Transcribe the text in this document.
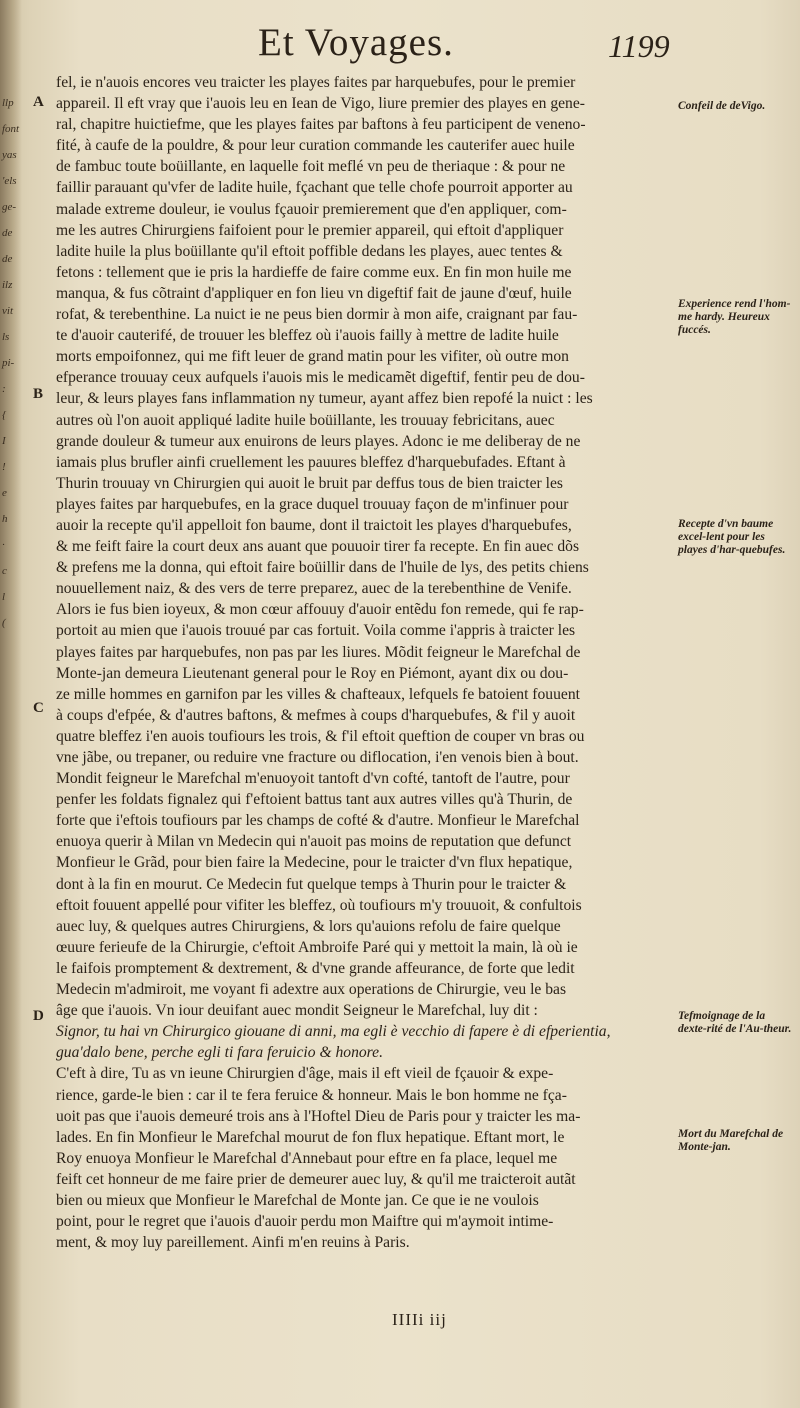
llp
font
yas
'els
ge-
de
de
ilz
vit
ls
pi-
:
{
I
!
e
h
·
c
l
(
Et Voyages.	1199
A
B
C
D
fel, ie n'auois encores veu traicter les playes faites par harquebufes, pour le premier
appareil. Il eft vray que i'auois leu en Iean de Vigo, liure premier des playes en gene-
ral, chapitre huictiefme, que les playes faites par baftons à feu participent de veneno-
fité, à caufe de la pouldre, & pour leur curation commande les cauterifer auec huile
de fambuc toute boüillante, en laquelle foit meflé vn peu de theriaque : & pour ne
faillir parauant qu'vfer de ladite huile, fçachant que telle chofe pourroit apporter au
malade extreme douleur, ie voulus fçauoir premierement que d'en appliquer, com-
me les autres Chirurgiens faifoient pour le premier appareil, qui eftoit d'appliquer
ladite huile la plus boüillante qu'il eftoit poffible dedans les playes, auec tentes &
fetons : tellement que ie pris la hardieffe de faire comme eux. En fin mon huile me
manqua, & fus cõtraint d'appliquer en fon lieu vn digeftif fait de jaune d'œuf, huile
rofat, & terebenthine. La nuict ie ne peus bien dormir à mon aife, craignant par fau-
te d'auoir cauterifé, de trouuer les bleffez où i'auois failly à mettre de ladite huile
morts empoifonnez, qui me fift leuer de grand matin pour les vifiter, où outre mon
efperance trouuay ceux aufquels i'auois mis le medicamẽt digeftif, fentir peu de dou-
leur, & leurs playes fans inflammation ny tumeur, ayant affez bien repofé la nuict : les
autres où l'on auoit appliqué ladite huile boüillante, les trouuay febricitans, auec
grande douleur & tumeur aux enuirons de leurs playes. Adonc ie me deliberay de ne
iamais plus brufler ainfi cruellement les pauures bleffez d'harquebufades. Eftant à
Thurin trouuay vn Chirurgien qui auoit le bruit par deffus tous de bien traicter les
playes faites par harquebufes, en la grace duquel trouuay façon de m'infinuer pour
auoir la recepte qu'il appelloit fon baume, dont il traictoit les playes d'harquebufes,
& me feift faire la court deux ans auant que pouuoir tirer fa recepte. En fin auec dõs
& prefens me la donna, qui eftoit faire boüillir dans de l'huile de lys, des petits chiens
nouuellement naiz, & des vers de terre preparez, auec de la terebenthine de Venife.
Alors ie fus bien ioyeux, & mon cœur affouuy d'auoir entẽdu fon remede, qui fe rap-
portoit au mien que i'auois trouué par cas fortuit. Voila comme i'appris à traicter les
playes faites par harquebufes, non pas par les liures. Mõdit feigneur le Marefchal de
Monte-jan demeura Lieutenant general pour le Roy en Piémont, ayant dix ou dou-
ze mille hommes en garnifon par les villes & chafteaux, lefquels fe batoient fouuent
à coups d'efpée, & d'autres baftons, & mefmes à coups d'harquebufes, & f'il y auoit
quatre bleffez i'en auois toufiours les trois, & f'il eftoit queftion de couper vn bras ou
vne jãbe, ou trepaner, ou reduire vne fracture ou diflocation, i'en venois bien à bout.
Mondit feigneur le Marefchal m'enuoyoit tantoft d'vn cofté, tantoft de l'autre, pour
penfer les foldats fignalez qui f'eftoient battus tant aux autres villes qu'à Thurin, de
forte que i'eftois toufiours par les champs de cofté & d'autre. Monfieur le Marefchal
enuoya querir à Milan vn Medecin qui n'auoit pas moins de reputation que defunct
Monfieur le Grãd, pour bien faire la Medecine, pour le traicter d'vn flux hepatique,
dont à la fin en mourut. Ce Medecin fut quelque temps à Thurin pour le traicter &
eftoit fouuent appellé pour vifiter les bleffez, où toufiours m'y trouuoit, & confultois
auec luy, & quelques autres Chirurgiens, & lors qu'auions refolu de faire quelque
œuure ferieufe de la Chirurgie, c'eftoit Ambroife Paré qui y mettoit la main, là où ie
le faifois promptement & dextrement, & d'vne grande affeurance, de forte que ledit
Medecin m'admiroit, me voyant fi adextre aux operations de Chirurgie, veu le bas
âge que i'auois. Vn iour deuifant auec mondit Seigneur le Marefchal, luy dit :
Signor, tu hai vn Chirurgico giouane di anni, ma egli è vecchio di fapere è di efperientia,
gua'dalo bene, perche egli ti fara feruicio & honore.
C'eft à dire, Tu as vn ieune Chirurgien d'âge, mais il eft vieil de fçauoir & expe-
rience, garde-le bien : car il te fera feruice & honneur. Mais le bon homme ne fça-
uoit pas que i'auois demeuré trois ans à l'Hoftel Dieu de Paris pour y traicter les ma-
lades. En fin Monfieur le Marefchal mourut de fon flux hepatique. Eftant mort, le
Roy enuoya Monfieur le Marefchal d'Annebaut pour eftre en fa place, lequel me
feift cet honneur de me faire prier de demeurer auec luy, & qu'il me traicteroit autãt
bien ou mieux que Monfieur le Marefchal de Monte jan. Ce que ie ne voulois
point, pour le regret que i'auois d'auoir perdu mon Maiftre qui m'aymoit intime-
ment, & moy luy pareillement. Ainfi m'en reuins à Paris.
Confeil de deVigo.
Experience rend l'hom-me hardy. Heureux fuccés.
Recepte d'vn baume excel-lent pour les playes d'har-quebufes.
Tefmoignage de la dexte-rité de l'Au-theur.
Mort du Marefchal de Monte-jan.
IIIIi iij
